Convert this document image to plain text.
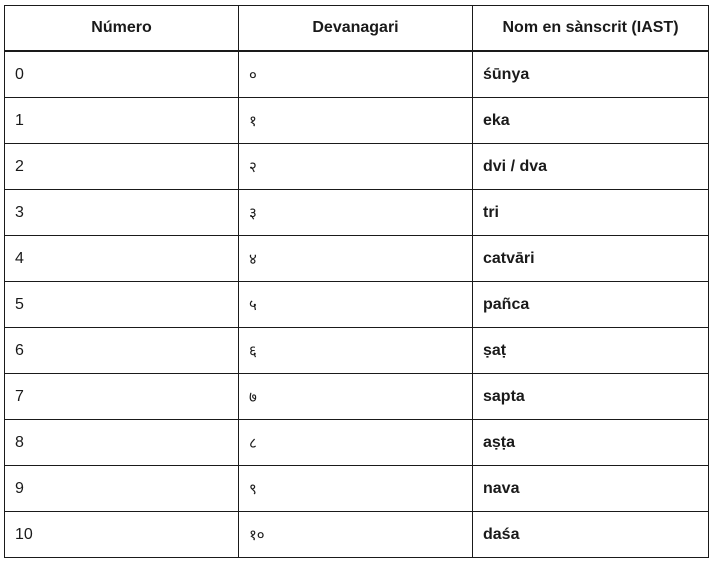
Número	Devanagari	Nom en sànscrit (IAST)
0	०	śūnya
1	१	eka
2	२	dvi / dva
3	३	tri
4	४	catvāri
5	५	pañca
6	६	ṣaṭ
7	७	sapta
8	८	aṣṭa
9	९	nava
10	१०	daśa
